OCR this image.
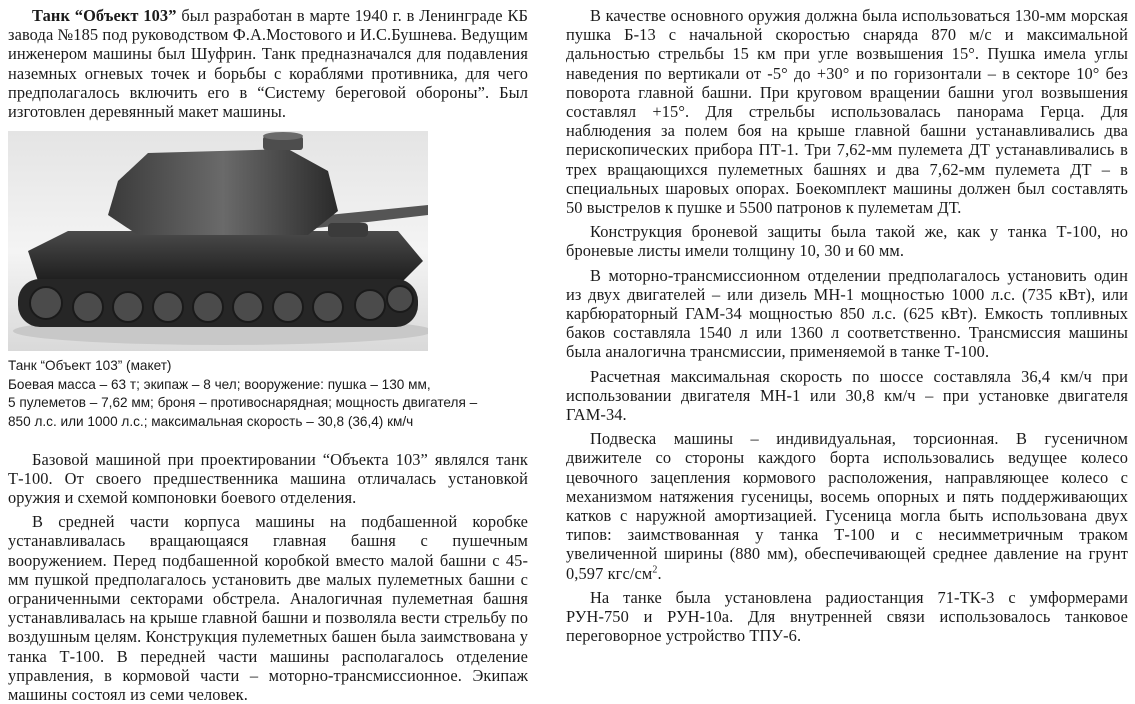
Танк “Объект 103” был разработан в марте 1940 г. в Ленинграде КБ завода №185 под руководством Ф.А.Мостового и И.С.Бушнева. Ведущим инженером машины был Шуфрин. Танк предназначался для подавления наземных огневых точек и борьбы с кораблями противника, для чего предполагалось включить его в “Систему береговой обороны”. Был изготовлен деревянный макет машины.

Танк “Объект 103” (макет)
Боевая масса – 63 т; экипаж – 8 чел; вооружение: пушка – 130 мм,
5 пулеметов – 7,62 мм; броня – противоснарядная; мощность двигателя –
850 л.с. или 1000 л.с.; максимальная скорость – 30,8 (36,4) км/ч

Базовой машиной при проектировании “Объекта 103” являлся танк Т-100. От своего предшественника машина отличалась установкой оружия и схемой компоновки боевого отделения.

В средней части корпуса машины на подбашенной коробке устанавливалась вращающаяся главная башня с пушечным вооружением. Перед подбашенной коробкой вместо малой башни с 45-мм пушкой предполагалось установить две малых пулеметных башни с ограниченными секторами обстрела. Аналогичная пулеметная башня устанавливалась на крыше главной башни и позволяла вести стрельбу по воздушным целям. Конструкция пулеметных башен была заимствована у танка Т-100. В передней части машины располагалось отделение управления, в кормовой части – моторно-трансмиссионное. Экипаж машины состоял из семи человек.

В качестве основного оружия должна была использоваться 130-мм морская пушка Б-13 с начальной скоростью снаряда 870 м/с и максимальной дальностью стрельбы 15 км при угле возвышения 15°. Пушка имела углы наведения по вертикали от -5° до +30° и по горизонтали – в секторе 10° без поворота главной башни. При круговом вращении башни угол возвышения составлял +15°. Для стрельбы использовалась панорама Герца. Для наблюдения за полем боя на крыше главной башни устанавливались два перископических прибора ПТ-1. Три 7,62-мм пулемета ДТ устанавливались в трех вращающихся пулеметных башнях и два 7,62-мм пулемета ДТ – в специальных шаровых опорах. Боекомплект машины должен был составлять 50 выстрелов к пушке и 5500 патронов к пулеметам ДТ.

Конструкция броневой защиты была такой же, как у танка Т-100, но броневые листы имели толщину 10, 30 и 60 мм.

В моторно-трансмиссионном отделении предполагалось установить один из двух двигателей – или дизель МН-1 мощностью 1000 л.с. (735 кВт), или карбюраторный ГАМ-34 мощностью 850 л.с. (625 кВт). Емкость топливных баков составляла 1540 л или 1360 л соответственно. Трансмиссия машины была аналогична трансмиссии, применяемой в танке Т-100.

Расчетная максимальная скорость по шоссе составляла 36,4 км/ч при использовании двигателя МН-1 или 30,8 км/ч – при установке двигателя ГАМ-34.

Подвеска машины – индивидуальная, торсионная. В гусеничном движителе со стороны каждого борта использовались ведущее колесо цевочного зацепления кормового расположения, направляющее колесо с механизмом натяжения гусеницы, восемь опорных и пять поддерживающих катков с наружной амортизацией. Гусеница могла быть использована двух типов: заимствованная у танка Т-100 и с несимметричным траком увеличенной ширины (880 мм), обеспечивающей среднее давление на грунт 0,597 кгс/$см^2$.

На танке была установлена радиостанция 71-ТК-3 с умформерами РУН-750 и РУН-10а. Для внутренней связи использовалось танковое переговорное устройство ТПУ-6.
